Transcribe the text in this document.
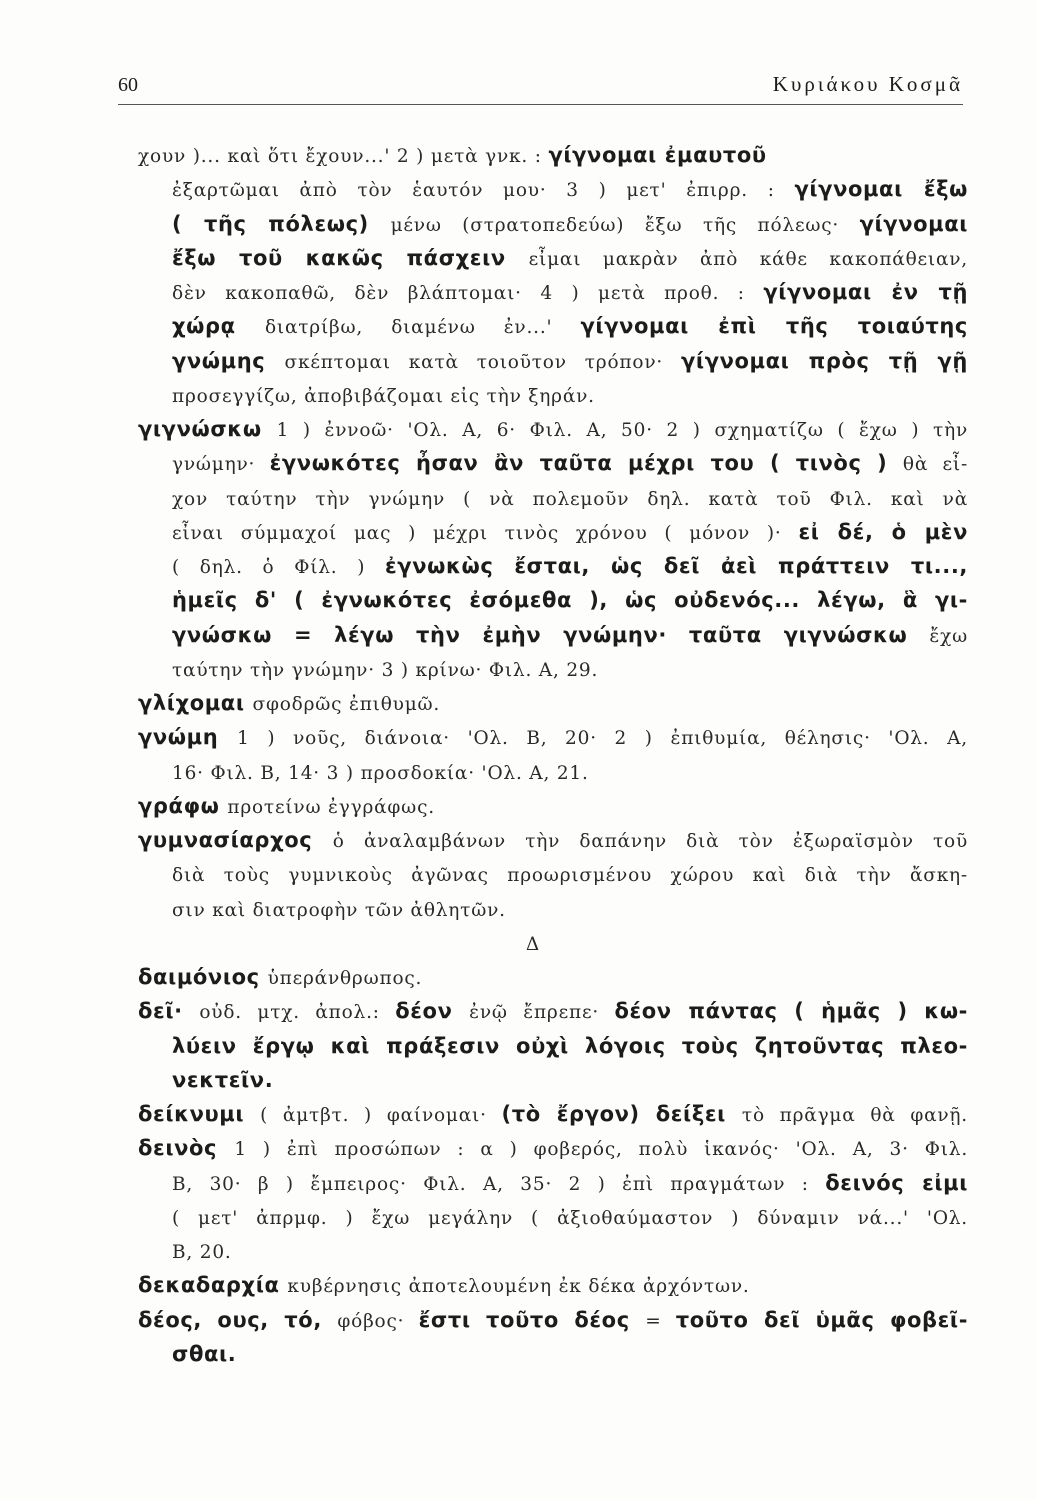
60	Κυριάκου Κοσμᾶ
χουν )... καὶ ὅτι ἔχουν...' 2 ) μετὰ γνκ. : γίγνομαι ἐμαυτοῦ
ἐξαρτῶμαι ἀπὸ τὸν ἑαυτόν μου· 3 ) μετ' ἐπιρρ. : γίγνομαι ἔξω
( τῆς πόλεως) μένω (στρατοπεδεύω) ἔξω τῆς πόλεως· γίγνομαι
ἔξω τοῦ κακῶς πάσχειν εἶμαι μακρὰν ἀπὸ κάθε κακοπάθειαν,
δὲν κακοπαθῶ, δὲν βλάπτομαι· 4 ) μετὰ προθ. : γίγνομαι ἐν τῇ
χώρᾳ διατρίβω, διαμένω ἐν...' γίγνομαι ἐπὶ τῆς τοιαύτης
γνώμης σκέπτομαι κατὰ τοιοῦτον τρόπον· γίγνομαι πρὸς τῇ γῇ
προσεγγίζω, ἀποβιβάζομαι εἰς τὴν ξηράν.
γιγνώσκω 1 ) ἐννοῶ· 'Ολ. Α, 6· Φιλ. Α, 50· 2 ) σχηματίζω ( ἔχω ) τὴν
γνώμην· ἐγνωκότες ἦσαν ἂν ταῦτα μέχρι του ( τινὸς ) θὰ εἶ-
χον ταύτην τὴν γνώμην ( νὰ πολεμοῦν δηλ. κατὰ τοῦ Φιλ. καὶ νὰ
εἶναι σύμμαχοί μας ) μέχρι τινὸς χρόνου ( μόνον )· εἰ δέ, ὁ μὲν
( δηλ. ὁ Φίλ. ) ἐγνωκὼς ἔσται, ὡς δεῖ ἀεὶ πράττειν τι...,
ἡμεῖς δ' ( ἐγνωκότες ἐσόμεθα ), ὡς οὐδενός... λέγω, ἃ γι-
γνώσκω = λέγω τὴν ἐμὴν γνώμην· ταῦτα γιγνώσκω ἔχω
ταύτην τὴν γνώμην· 3 ) κρίνω· Φιλ. Α, 29.
γλίχομαι σφοδρῶς ἐπιθυμῶ.
γνώμη 1 ) νοῦς, διάνοια· 'Ολ. Β, 20· 2 ) ἐπιθυμία, θέλησις· 'Ολ. Α,
16· Φιλ. Β, 14· 3 ) προσδοκία· 'Ολ. Α, 21.
γράφω προτείνω ἐγγράφως.
γυμνασίαρχος ὁ ἀναλαμβάνων τὴν δαπάνην διὰ τὸν ἐξωραϊσμὸν τοῦ
διὰ τοὺς γυμνικοὺς ἀγῶνας προωρισμένου χώρου καὶ διὰ τὴν ἄσκη-
σιν καὶ διατροφὴν τῶν ἀθλητῶν.
Δ
δαιμόνιος ὑπεράνθρωπος.
δεῖ· οὐδ. μτχ. ἀπολ.: δέον ἐνῷ ἔπρεπε· δέον πάντας ( ἡμᾶς ) κω-
λύειν ἔργῳ καὶ πράξεσιν οὐχὶ λόγοις τοὺς ζητοῦντας πλεο-
νεκτεῖν.
δείκνυμι ( ἀμτβτ. ) φαίνομαι· (τὸ ἔργον) δείξει τὸ πρᾶγμα θὰ φανῇ.
δεινὸς 1 ) ἐπὶ προσώπων : α ) φοβερός, πολὺ ἱκανός· 'Ολ. Α, 3· Φιλ.
Β, 30· β ) ἔμπειρος· Φιλ. Α, 35· 2 ) ἐπὶ πραγμάτων : δεινός εἰμι
( μετ' ἀπρμφ. ) ἔχω μεγάλην ( ἀξιοθαύμαστον ) δύναμιν νά...' 'Ολ.
Β, 20.
δεκαδαρχία κυβέρνησις ἀποτελουμένη ἐκ δέκα ἀρχόντων.
δέος, ους, τό, φόβος· ἔστι τοῦτο δέος = τοῦτο δεῖ ὑμᾶς φοβεῖ-
σθαι.
